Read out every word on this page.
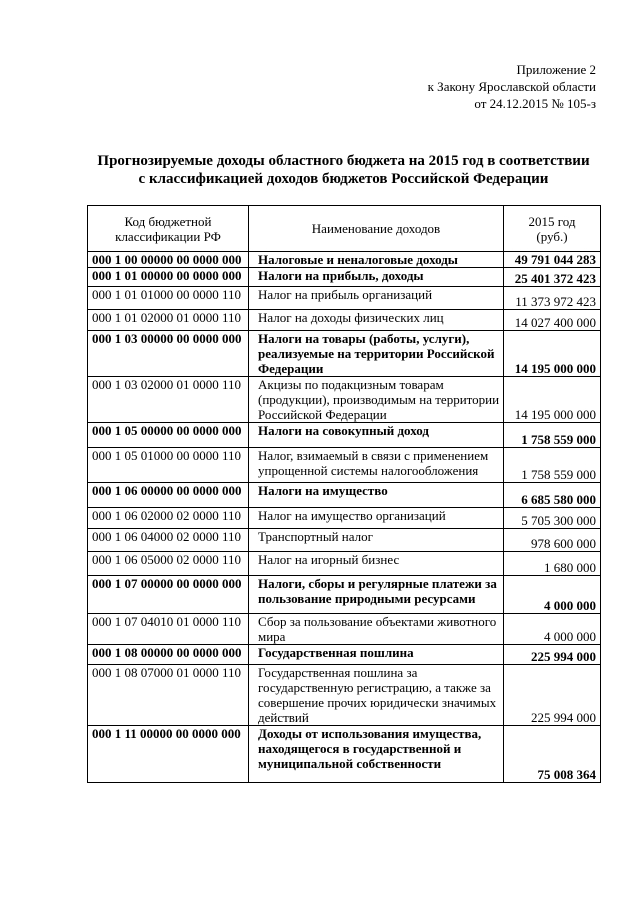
Приложение 2
к Закону Ярославской области
от 24.12.2015 № 105-з
Прогнозируемые доходы областного бюджета на 2015 год в соответствии
с классификацией доходов бюджетов Российской Федерации
Код бюджетной
классификации РФ	Наименование доходов	2015 год
(руб.)
000 1 00 00000 00 0000 000	Налоговые и неналоговые доходы	49 791 044 283
000 1 01 00000 00 0000 000	Налоги на прибыль, доходы	25 401 372 423
000 1 01 01000 00 0000 110	Налог на прибыль организаций	11 373 972 423
000 1 01 02000 01 0000 110	Налог на доходы физических лиц	14 027 400 000
000 1 03 00000 00 0000 000	Налоги на товары (работы, услуги),
реализуемые на территории Российской
Федерации	14 195 000 000
000 1 03 02000 01 0000 110	Акцизы по подакцизным товарам
(продукции), производимым на территории
Российской Федерации	14 195 000 000
000 1 05 00000 00 0000 000	Налоги на совокупный доход	1 758 559 000
000 1 05 01000 00 0000 110	Налог, взимаемый в связи с применением
упрощенной системы налогообложения	1 758 559 000
000 1 06 00000 00 0000 000	Налоги на имущество	6 685 580 000
000 1 06 02000 02 0000 110	Налог на имущество организаций	5 705 300 000
000 1 06 04000 02 0000 110	Транспортный налог	978 600 000
000 1 06 05000 02 0000 110	Налог на игорный бизнес	1 680 000
000 1 07 00000 00 0000 000	Налоги, сборы и регулярные платежи за
пользование природными ресурсами	4 000 000
000 1 07 04010 01 0000 110	Сбор за пользование объектами животного
мира	4 000 000
000 1 08 00000 00 0000 000	Государственная пошлина	225 994 000
000 1 08 07000 01 0000 110	Государственная пошлина за
государственную регистрацию, а также за
совершение прочих юридически значимых
действий	225 994 000
000 1 11 00000 00 0000 000	Доходы от использования имущества,
находящегося в государственной и
муниципальной собственности	75 008 364
